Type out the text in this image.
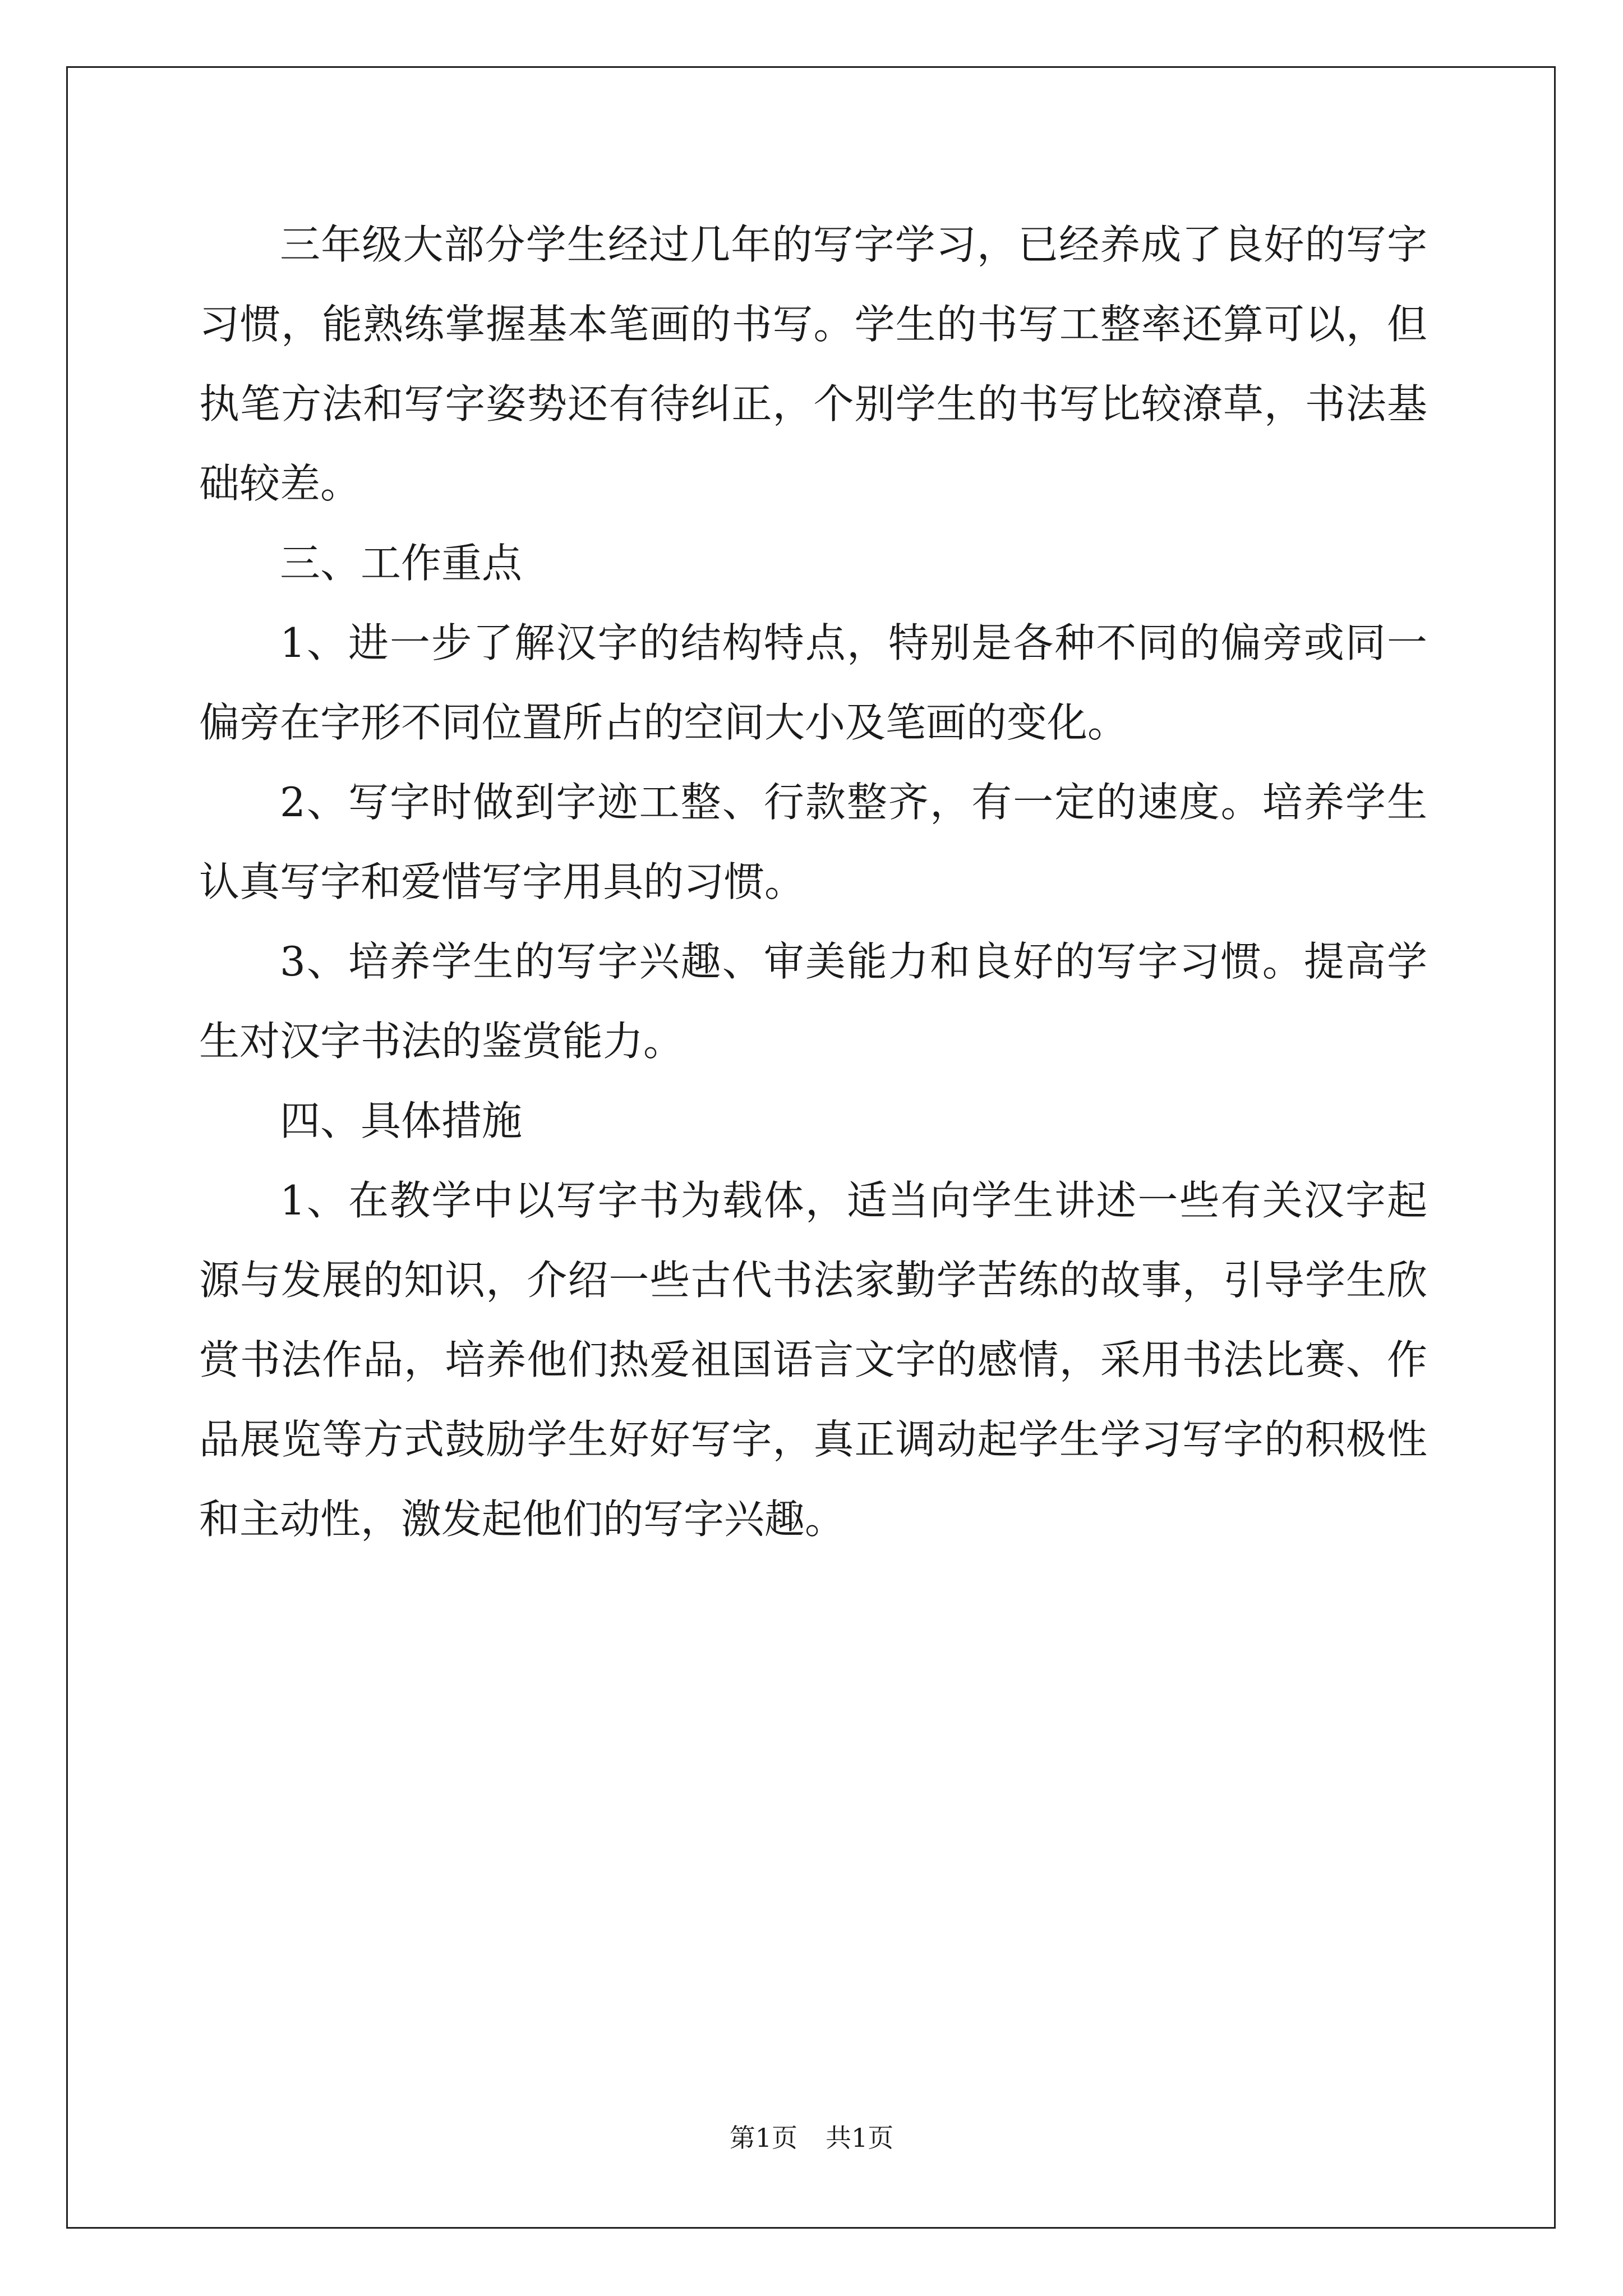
三年级大部分学生经过几年的写字学习，已经养成了良好的写字习惯，能熟练掌握基本笔画的书写。学生的书写工整率还算可以，但执笔方法和写字姿势还有待纠正，个别学生的书写比较潦草，书法基础较差。

三、工作重点

1、进一步了解汉字的结构特点，特别是各种不同的偏旁或同一偏旁在字形不同位置所占的空间大小及笔画的变化。

2、写字时做到字迹工整、行款整齐，有一定的速度。培养学生认真写字和爱惜写字用具的习惯。

3、培养学生的写字兴趣、审美能力和良好的写字习惯。提高学生对汉字书法的鉴赏能力。

四、具体措施

1、在教学中以写字书为载体，适当向学生讲述一些有关汉字起源与发展的知识，介绍一些古代书法家勤学苦练的故事，引导学生欣赏书法作品，培养他们热爱祖国语言文字的感情，采用书法比赛、作品展览等方式鼓励学生好好写字，真正调动起学生学习写字的积极性和主动性，激发起他们的写字兴趣。

第1页 共1页
